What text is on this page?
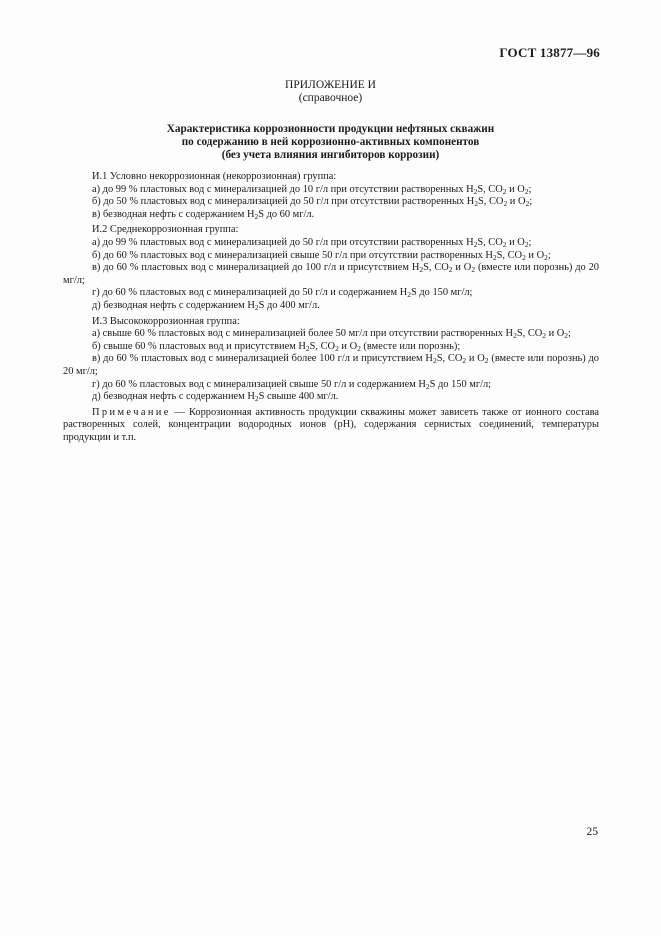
ГОСТ 13877—96
ПРИЛОЖЕНИЕ И
(справочное)
Характеристика коррозионности продукции нефтяных скважин
по содержанию в ней коррозионно-активных компонентов
(без учета влияния ингибиторов коррозии)

И.1 Условно некоррозионная (некоррозионная) группа:

а) до 99 % пластовых вод с минерализацией до 10 г/л при отсутствии растворенных $H_2S$, $CO_2$ и $O_2$;

б) до 50 % пластовых вод с минерализацией до 50 г/л при отсутствии растворенных $H_2S$, $CO_2$ и $O_2$;

в) безводная нефть с содержанием $H_2S$ до 60 мг/л.

И.2 Среднекоррозионная группа:

а) до 99 % пластовых вод с минерализацией до 50 г/л при отсутствии растворенных $H_2S$, $CO_2$ и $O_2$;

б) до 60 % пластовых вод с минерализацией свыше 50 г/л при отсутствии растворенных $H_2S$, $CO_2$ и $O_2$;

в) до 60 % пластовых вод с минерализацией до 100 г/л и присутствием $H_2S$, $CO_2$ и $O_2$ (вместе или порознь) до 20 мг/л;

г) до 60 % пластовых вод с минерализацией до 50 г/л и содержанием $H_2S$ до 150 мг/л;

д) безводная нефть с содержанием $H_2S$ до 400 мг/л.

И.3 Высококоррозионная группа:

а) свыше 60 % пластовых вод с минерализацией более 50 мг/л при отсутствии растворенных $H_2S$, $CO_2$ и $O_2$;

б) свыше 60 % пластовых вод и присутствием $H_2S$, $CO_2$ и $O_2$ (вместе или порознь);

в) до 60 % пластовых вод с минерализацией более 100 г/л и присутствием $H_2S$, $CO_2$ и $O_2$ (вместе или порознь) до 20 мг/л;

г) до 60 % пластовых вод с минерализацией свыше 50 г/л и содержанием $H_2S$ до 150 мг/л;

д) безводная нефть с содержанием $H_2S$ свыше 400 мг/л.

Примечание — Коррозионная активность продукции скважины может зависеть также от ионного состава растворенных солей, концентрации водородных ионов (рН), содержания сернистых соединений, температуры продукции и т.п.

25
